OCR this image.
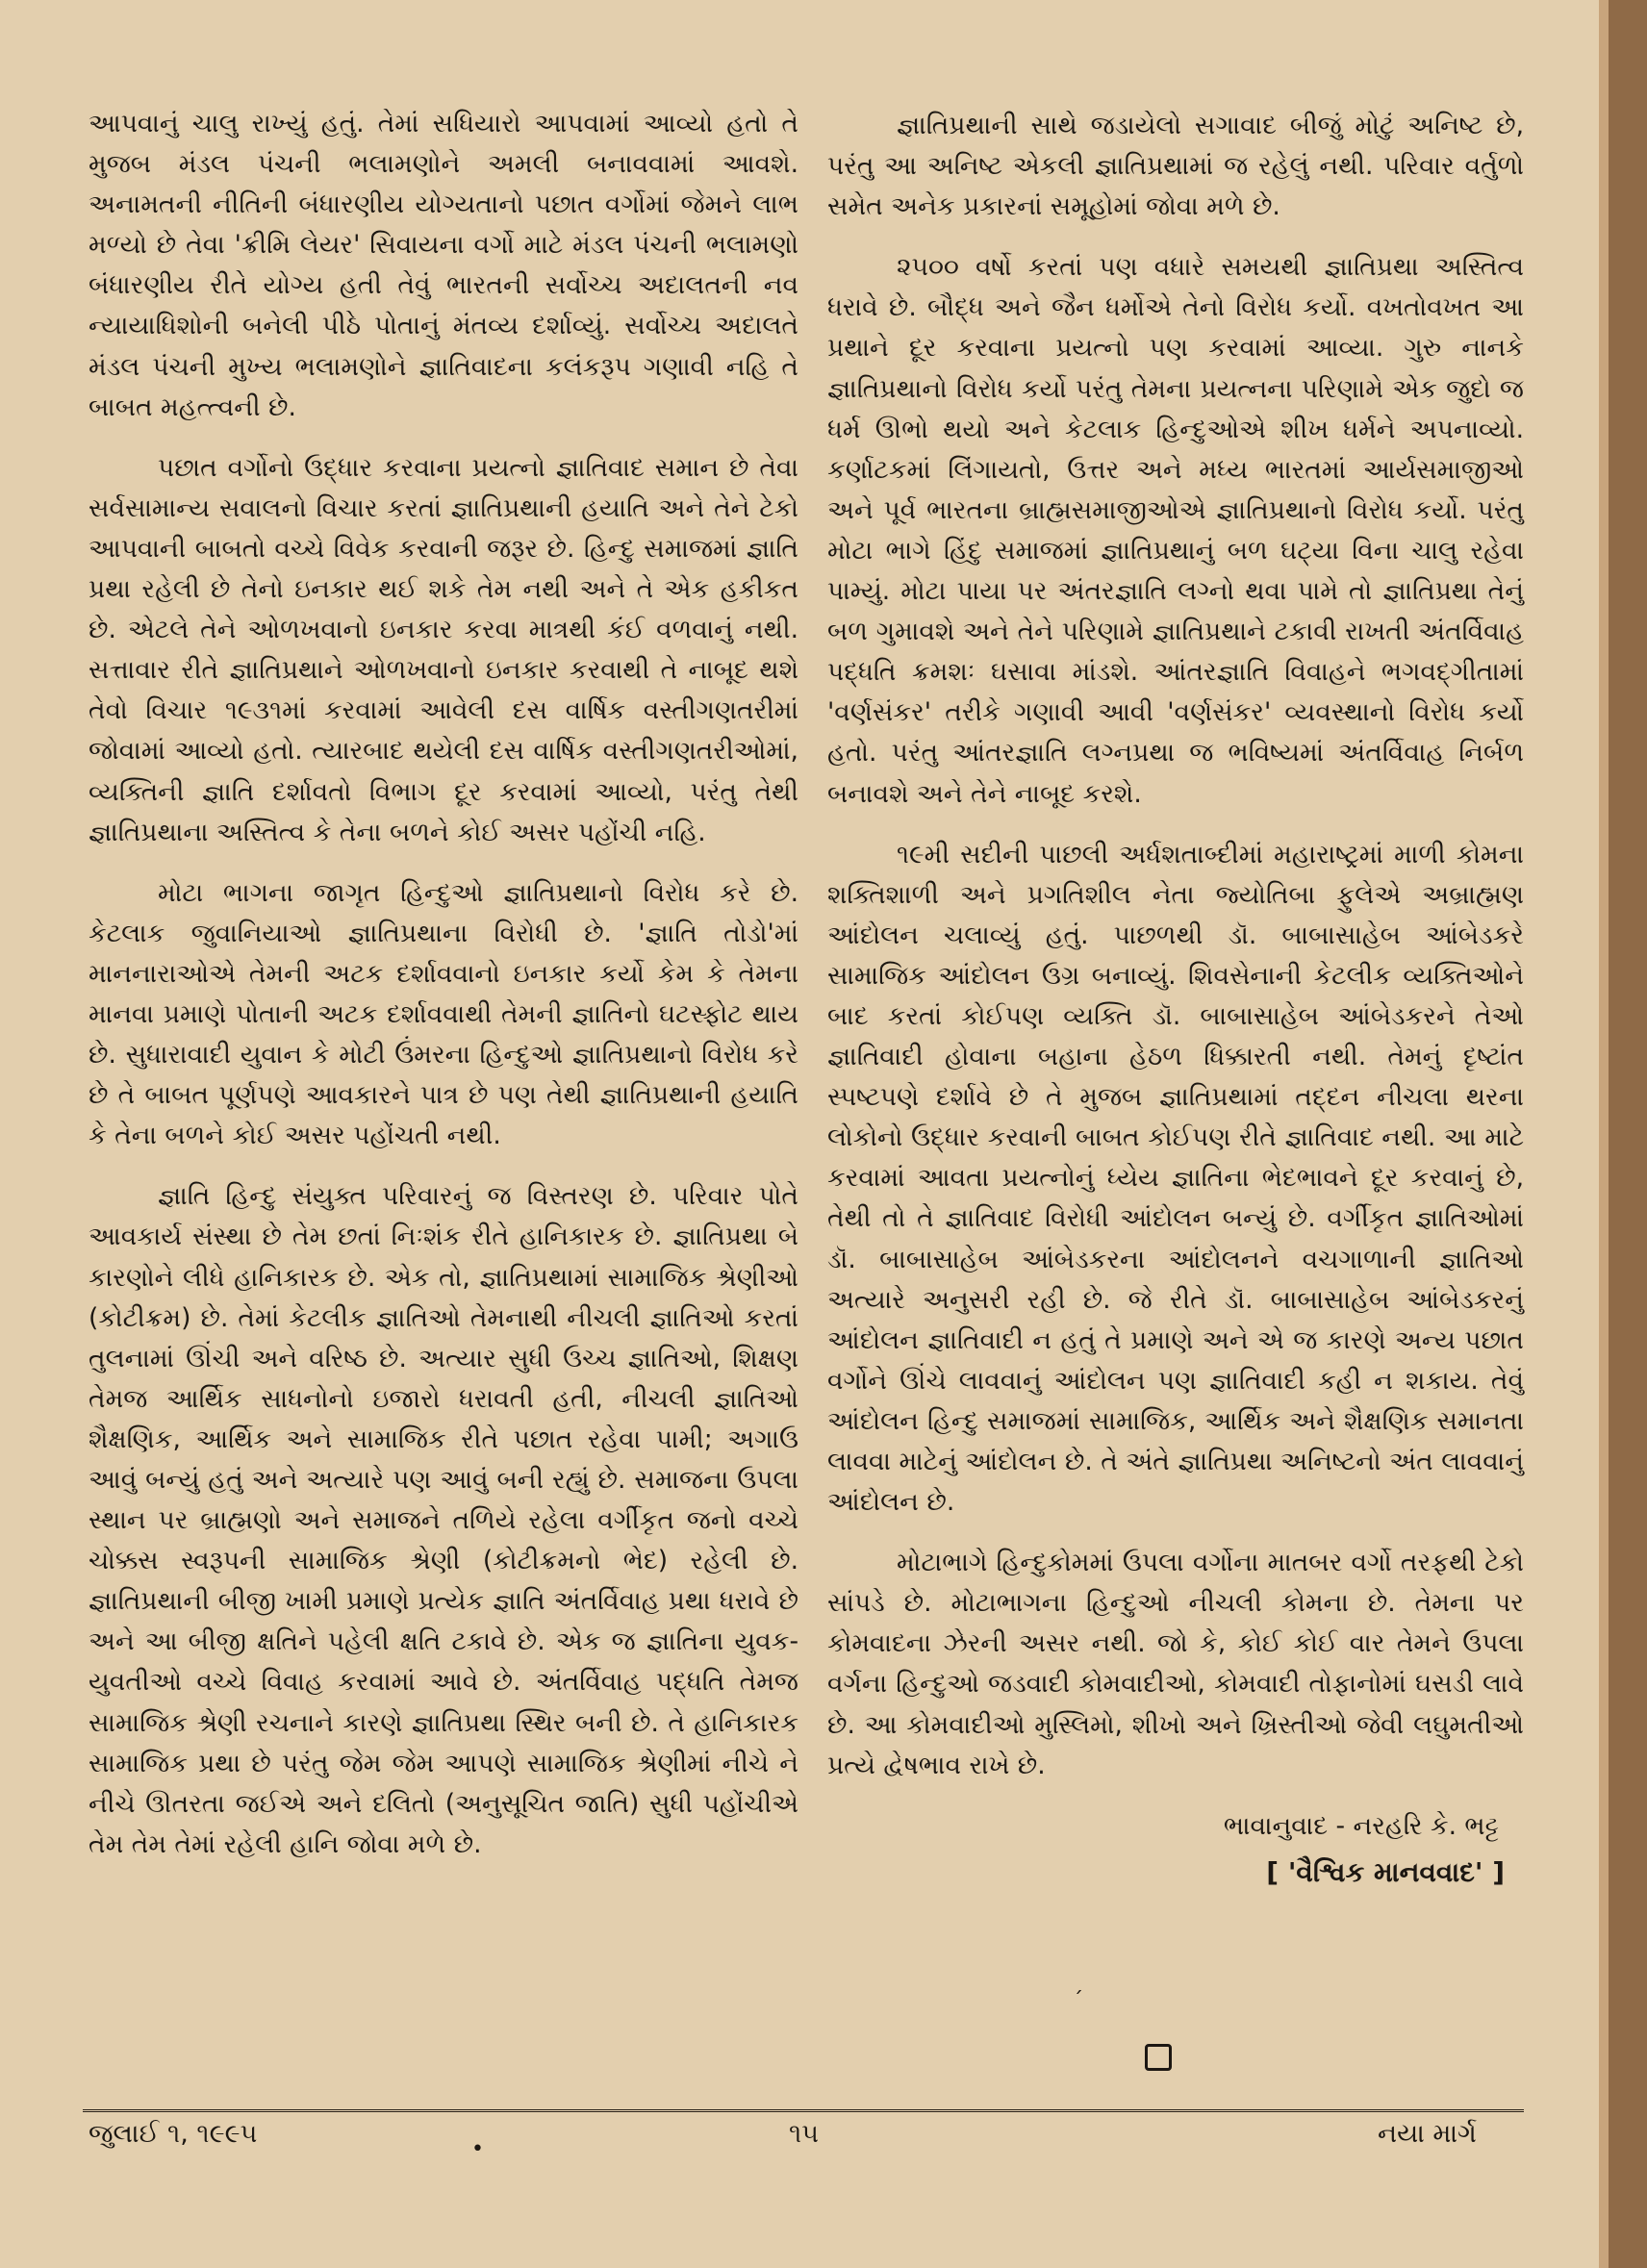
આપવાનું ચાલુ રાખ્યું હતું. તેમાં સધિયારો આપવામાં આવ્યો હતો તે મુજબ મંડલ પંચની ભલામણોને અમલી બનાવવામાં આવશે. અનામતની નીતિની બંધારણીય યોગ્યતાનો પછાત વર્ગોમાં જેમને લાભ મળ્યો છે તેવા 'ક્રીમિ લેયર' સિવાયના વર્ગો માટે મંડલ પંચની ભલામણો બંધારણીય રીતે યોગ્ય હતી તેવું ભારતની સર્વોચ્ચ અદાલતની નવ ન્યાયાધિશોની બનેલી પીઠે પોતાનું મંતવ્ય દર્શાવ્યું. સર્વોચ્ચ અદાલતે મંડલ પંચની મુખ્ય ભલામણોને જ્ઞાતિવાદના કલંકરૂપ ગણાવી નહિ તે બાબત મહત્ત્વની છે.

પછાત વર્ગોનો ઉદ્ધાર કરવાના પ્રયત્નો જ્ઞાતિવાદ સમાન છે તેવા સર્વસામાન્ય સવાલનો વિચાર કરતાં જ્ઞાતિપ્રથાની હયાતિ અને તેને ટેકો આપવાની બાબતો વચ્ચે વિવેક કરવાની જરૂર છે. હિન્દુ સમાજમાં જ્ઞાતિ પ્રથા રહેલી છે તેનો ઇનકાર થઈ શકે તેમ નથી અને તે એક હકીકત છે. એટલે તેને ઓળખવાનો ઇનકાર કરવા માત્રથી કંઈ વળવાનું નથી. સત્તાવાર રીતે જ્ઞાતિપ્રથાને ઓળખવાનો ઇનકાર કરવાથી તે નાબૂદ થશે તેવો વિચાર ૧૯૩૧માં કરવામાં આવેલી દસ વાર્ષિક વસ્તીગણતરીમાં જોવામાં આવ્યો હતો. ત્યારબાદ થયેલી દસ વાર્ષિક વસ્તીગણતરીઓમાં, વ્યક્તિની જ્ઞાતિ દર્શાવતો વિભાગ દૂર કરવામાં આવ્યો, પરંતુ તેથી જ્ઞાતિપ્રથાના અસ્તિત્વ કે તેના બળને કોઈ અસર પહોંચી નહિ.

મોટા ભાગના જાગૃત હિન્દુઓ જ્ઞાતિપ્રથાનો વિરોધ કરે છે. કેટલાક જુવાનિયાઓ જ્ઞાતિપ્રથાના વિરોધી છે. 'જ્ઞાતિ તોડો'માં માનનારાઓએ તેમની અટક દર્શાવવાનો ઇનકાર કર્યો કેમ કે તેમના માનવા પ્રમાણે પોતાની અટક દર્શાવવાથી તેમની જ્ઞાતિનો ઘટસ્ફોટ થાય છે. સુધારાવાદી યુવાન કે મોટી ઉંમરના હિન્દુઓ જ્ઞાતિપ્રથાનો વિરોધ કરે છે તે બાબત પૂર્ણપણે આવકારને પાત્ર છે પણ તેથી જ્ઞાતિપ્રથાની હયાતિ કે તેના બળને કોઈ અસર પહોંચતી નથી.

જ્ઞાતિ હિન્દુ સંયુક્ત પરિવારનું જ વિસ્તરણ છે. પરિવાર પોતે આવકાર્ય સંસ્થા છે તેમ છતાં નિઃશંક રીતે હાનિકારક છે. જ્ઞાતિપ્રથા બે કારણોને લીધે હાનિકારક છે. એક તો, જ્ઞાતિપ્રથામાં સામાજિક શ્રેણીઓ (કોટીક્રમ) છે. તેમાં કેટલીક જ્ઞાતિઓ તેમનાથી નીચલી જ્ઞાતિઓ કરતાં તુલનામાં ઊંચી અને વરિષ્ઠ છે. અત્યાર સુધી ઉચ્ચ જ્ઞાતિઓ, શિક્ષણ તેમજ આર્થિક સાધનોનો ઇજારો ધરાવતી હતી, નીચલી જ્ઞાતિઓ શૈક્ષણિક, આર્થિક અને સામાજિક રીતે પછાત રહેવા પામી; અગાઉ આવું બન્યું હતું અને અત્યારે પણ આવું બની રહ્યું છે. સમાજના ઉપલા સ્થાન પર બ્રાહ્મણો અને સમાજને તળિયે રહેલા વર્ગીકૃત જનો વચ્ચે ચોક્કસ સ્વરૂપની સામાજિક શ્રેણી (કોટીક્રમનો ભેદ) રહેલી છે. જ્ઞાતિપ્રથાની બીજી ખામી પ્રમાણે પ્રત્યેક જ્ઞાતિ અંતર્વિવાહ પ્રથા ધરાવે છે અને આ બીજી ક્ષતિને પહેલી ક્ષતિ ટકાવે છે. એક જ જ્ઞાતિના યુવક-યુવતીઓ વચ્ચે વિવાહ કરવામાં આવે છે. અંતર્વિવાહ પદ્ધતિ તેમજ સામાજિક શ્રેણી રચનાને કારણે જ્ઞાતિપ્રથા સ્થિર બની છે. તે હાનિકારક સામાજિક પ્રથા છે પરંતુ જેમ જેમ આપણે સામાજિક શ્રેણીમાં નીચે ને નીચે ઊતરતા જઈએ અને દલિતો (અનુસૂચિત જાતિ) સુધી પહોંચીએ તેમ તેમ તેમાં રહેલી હાનિ જોવા મળે છે.

જ્ઞાતિપ્રથાની સાથે જડાયેલો સગાવાદ બીજું મોટું અનિષ્ટ છે, પરંતુ આ અનિષ્ટ એકલી જ્ઞાતિપ્રથામાં જ રહેલું નથી. પરિવાર વર્તુળો સમેત અનેક પ્રકારનાં સમૂહોમાં જોવા મળે છે.

૨૫૦૦ વર્ષો કરતાં પણ વધારે સમયથી જ્ઞાતિપ્રથા અસ્તિત્વ ધરાવે છે. બૌદ્ધ અને જૈન ધર્મોએ તેનો વિરોધ કર્યો. વખતોવખત આ પ્રથાને દૂર કરવાના પ્રયત્નો પણ કરવામાં આવ્યા. ગુરુ નાનકે જ્ઞાતિપ્રથાનો વિરોધ કર્યો પરંતુ તેમના પ્રયત્નના પરિણામે એક જુદો જ ધર્મ ઊભો થયો અને કેટલાક હિન્દુઓએ શીખ ધર્મને અપનાવ્યો. કર્ણાટકમાં લિંગાયતો, ઉત્તર અને મધ્ય ભારતમાં આર્યસમાજીઓ અને પૂર્વ ભારતના બ્રાહ્મસમાજીઓએ જ્ઞાતિપ્રથાનો વિરોધ કર્યો. પરંતુ મોટા ભાગે હિંદુ સમાજમાં જ્ઞાતિપ્રથાનું બળ ઘટ્યા વિના ચાલુ રહેવા પામ્યું. મોટા પાયા પર અંતરજ્ઞાતિ લગ્નો થવા પામે તો જ્ઞાતિપ્રથા તેનું બળ ગુમાવશે અને તેને પરિણામે જ્ઞાતિપ્રથાને ટકાવી રાખતી અંતર્વિવાહ પદ્ધતિ ક્રમશઃ ઘસાવા માંડશે. આંતરજ્ઞાતિ વિવાહને ભગવદ્ગીતામાં 'વર્ણસંકર' તરીકે ગણાવી આવી 'વર્ણસંકર' વ્યવસ્થાનો વિરોધ કર્યો હતો. પરંતુ આંતરજ્ઞાતિ લગ્નપ્રથા જ ભવિષ્યમાં અંતર્વિવાહ નિર્બળ બનાવશે અને તેને નાબૂદ કરશે.

૧૯મી સદીની પાછલી અર્ધશતાબ્દીમાં મહારાષ્ટ્રમાં માળી કોમના શક્તિશાળી અને પ્રગતિશીલ નેતા જ્યોતિબા ફુલેએ અબ્રાહ્મણ આંદોલન ચલાવ્યું હતું. પાછળથી ડૉ. બાબાસાહેબ આંબેડકરે સામાજિક આંદોલન ઉગ્ર બનાવ્યું. શિવસેનાની કેટલીક વ્યક્તિઓને બાદ કરતાં કોઈપણ વ્યક્તિ ડૉ. બાબાસાહેબ આંબેડકરને તેઓ જ્ઞાતિવાદી હોવાના બહાના હેઠળ ધિક્કારતી નથી. તેમનું દૃષ્ટાંત સ્પષ્ટપણે દર્શાવે છે તે મુજબ જ્ઞાતિપ્રથામાં તદ્દન નીચલા થરના લોકોનો ઉદ્ધાર કરવાની બાબત કોઈપણ રીતે જ્ઞાતિવાદ નથી. આ માટે કરવામાં આવતા પ્રયત્નોનું ધ્યેય જ્ઞાતિના ભેદભાવને દૂર કરવાનું છે, તેથી તો તે જ્ઞાતિવાદ વિરોધી આંદોલન બન્યું છે. વર્ગીકૃત જ્ઞાતિઓમાં ડૉ. બાબાસાહેબ આંબેડકરના આંદોલનને વચગાળાની જ્ઞાતિઓ અત્યારે અનુસરી રહી છે. જે રીતે ડૉ. બાબાસાહેબ આંબેડકરનું આંદોલન જ્ઞાતિવાદી ન હતું તે પ્રમાણે અને એ જ કારણે અન્ય પછાત વર્ગોને ઊંચે લાવવાનું આંદોલન પણ જ્ઞાતિવાદી કહી ન શકાય. તેવું આંદોલન હિન્દુ સમાજમાં સામાજિક, આર્થિક અને શૈક્ષણિક સમાનતા લાવવા માટેનું આંદોલન છે. તે અંતે જ્ઞાતિપ્રથા અનિષ્ટનો અંત લાવવાનું આંદોલન છે.

મોટાભાગે હિન્દુકોમમાં ઉપલા વર્ગોના માતબર વર્ગો તરફથી ટેકો સાંપડે છે. મોટાભાગના હિન્દુઓ નીચલી કોમના છે. તેમના પર કોમવાદના ઝેરની અસર નથી. જો કે, કોઈ કોઈ વાર તેમને ઉપલા વર્ગના હિન્દુઓ જડવાદી કોમવાદીઓ, કોમવાદી તોફાનોમાં ઘસડી લાવે છે. આ કોમવાદીઓ મુસ્લિમો, શીખો અને ખ્રિસ્તીઓ જેવી લઘુમતીઓ પ્રત્યે દ્વેષભાવ રાખે છે.

ભાવાનુવાદ - નરહરિ કે. ભટ્ટ
[ 'વૈશ્વિક માનવવાદ' ]
ˊ
જુલાઈ ૧, ૧૯૯૫
•
૧૫	નયા માર્ગ
